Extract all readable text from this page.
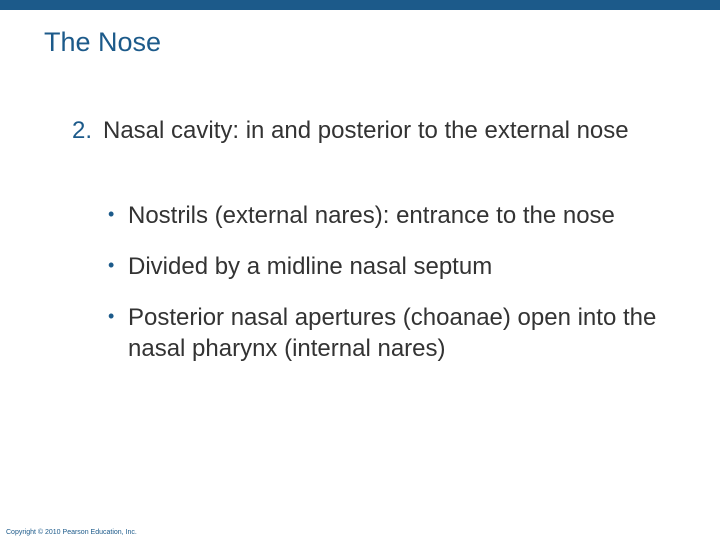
The Nose
2. Nasal cavity: in and posterior to the external nose
• Nostrils (external nares): entrance to the nose
• Divided by a midline nasal septum
• Posterior nasal apertures (choanae) open into the nasal pharynx (internal nares)
Copyright © 2010 Pearson Education, Inc.
